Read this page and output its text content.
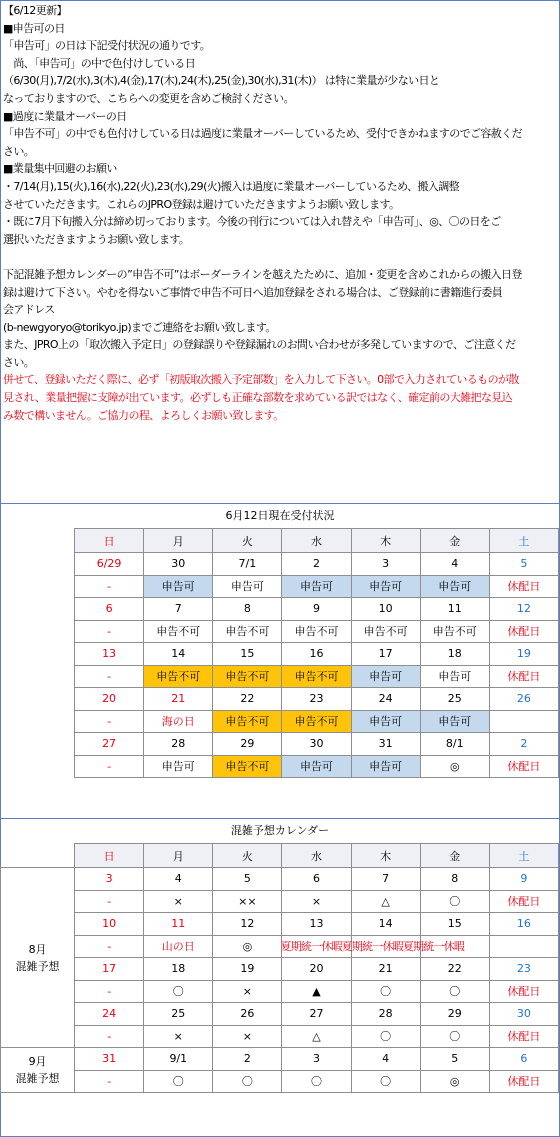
【6/12更新】
■申告可の日
「申告可」の日は下記受付状況の通りです。
　尚、「申告可」の中で色付けしている日
（6/30(月),7/2(水),3(木),4(金),17(木),24(木),25(金),30(水),31(木)） は特に業量が少ない日と
なっておりますので、こちらへの変更を含めご検討ください。
■過度に業量オーバーの日
「申告不可」の中でも色付けしている日は過度に業量オーバーしているため、受付できかねますのでご容赦くだ
さい。
■業量集中回避のお願い
・7/14(月),15(火),16(水),22(火),23(水),29(火)搬入は過度に業量オーバーしているため、搬入調整
させていただきます。これらのJPRO登録は避けていただきますようお願い致します。
・既に7月下旬搬入分は締め切っております。今後の刊行については入れ替えや「申告可」、◎、〇の日をご
選択いただきますようお願い致します。
下記混雑予想カレンダーの”申告不可”はボーダーラインを越えたために、追加・変更を含めこれからの搬入日登
録は避けて下さい。やむを得ないご事情で申告不可日へ追加登録をされる場合は、ご登録前に書籍進行委員
会アドレス
(b-newgyoryo@torikyo.jp)までご連絡をお願い致します。
また、JPRO上の「取次搬入予定日」の登録誤りや登録漏れのお問い合わせが多発していますので、ご注意くだ
さい。
併せて、登録いただく際に、必ず「初版取次搬入予定部数」を入力して下さい。0部で入力されているものが散
見され、業量把握に支障が出ています。必ずしも正確な部数を求めている訳ではなく、確定前の大雑把な見込
み数で構いません。ご協力の程、よろしくお願い致します。
6月12日現在受付状況
日	月	火	水	木	金	土
6/29	30	7/1	2	3	4	5
-	申告可	申告可	申告可	申告可	申告可	休配日
6	7	8	9	10	11	12
-	申告不可	申告不可	申告不可	申告不可	申告不可	休配日
13	14	15	16	17	18	19
-	申告不可	申告不可	申告不可	申告可	申告可	休配日
20	21	22	23	24	25	26
-	海の日	申告不可	申告不可	申告可	申告可	
27	28	29	30	31	8/1	2
-	申告可	申告不可	申告可	申告可	◎	休配日
混雑予想カレンダー
	日	月	火	水	木	金	土

8月
混雑予想	3	4	5	6	7	8	9
	-	×	××	×	△	〇	休配日
	10	11	12	13	14	15	16
	-	山の日	◎	夏期統一休暇夏期統一休暇夏期統一休暇			
	17	18	19	20	21	22	23
	-	〇	×	▲	〇	〇	休配日
	24	25	26	27	28	29	30
	-	×	×	△	〇	〇	休配日

9月
混雑予想	31	9/1	2	3	4	5	6
	-	〇	〇	〇	〇	◎	休配日
